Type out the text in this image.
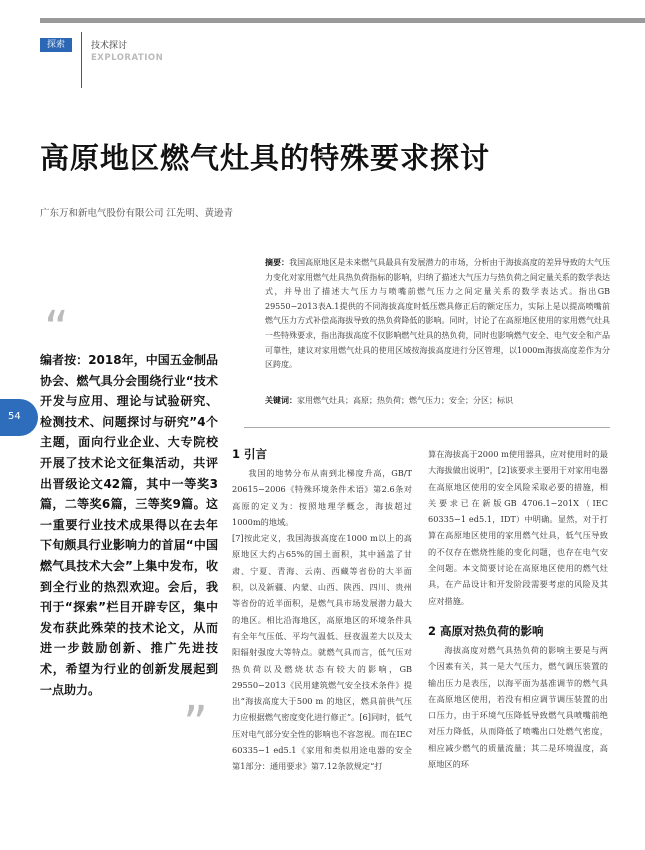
探索	技术探讨
EXPLORATION
高原地区燃气灶具的特殊要求探讨
广东万和新电气股份有限公司 江先明、黄逊青
摘要：我国高原地区是未来燃气具最具有发展潜力的市场，分析由于海拔高度的差异导致的大气压力变化对家用燃气灶具热负荷指标的影响，归纳了描述大气压力与热负荷之间定量关系的数学表达式，并导出了描述大气压力与喷嘴前燃气压力之间定量关系的数学表达式。指出GB 29550−2013表A.1提供的不同海拔高度时低压燃具修正后的额定压力，实际上是以提高喷嘴前燃气压力方式补偿高海拔导致的热负荷降低的影响。同时，讨论了在高原地区使用的家用燃气灶具一些特殊要求，指出海拔高度不仅影响燃气灶具的热负荷，同时也影响燃气安全、电气安全和产品可靠性，建议对家用燃气灶具的使用区域按海拔高度进行分区管理，以1000m海拔高度差作为分区跨度。
关键词：家用燃气灶具；高原；热负荷；燃气压力；安全；分区；标识
“
编者按：2018年，中国五金制品协会、燃气具分会围绕行业“技术开发与应用、理论与试验研究、检测技术、问题探讨与研究”4个主题，面向行业企业、大专院校开展了技术论文征集活动，共评出晋级论文42篇，其中一等奖3篇，二等奖6篇，三等奖9篇。这一重要行业技术成果得以在去年下旬颇具行业影响力的首届“中国燃气具技术大会”上集中发布，收到全行业的热烈欢迎。会后，我刊于“探索”栏目开辟专区，集中发布获此殊荣的技术论文，从而进一步鼓励创新、推广先进技术，希望为行业的创新发展起到一点助力。
”
54
1 引言

我国的地势分布从南到北梯度升高，GB/T 20615−2006《特殊环境条件术语》第2.6条对高原的定义为：按照地理学概念，海拔超过1000m的地域。

[7]按此定义，我国海拔高度在1000 m以上的高原地区大约占65%的国土面积，其中涵盖了甘肃、宁夏、青海、云南、西藏等省份的大半面积，以及新疆、内蒙、山西、陕西、四川、贵州等省份的近半面积，是燃气具市场发展潜力最大的地区。相比沿海地区，高原地区的环境条件具有全年气压低、平均气温低、昼夜温差大以及太阳辐射强度大等特点。就燃气具而言，低气压对热负荷以及燃烧状态有较大的影响，GB 29550−2013《民用建筑燃气安全技术条件》提出“海拔高度大于500 m 的地区，燃具前供气压力应根据燃气密度变化进行修正”。[6]同时，低气压对电气部分安全性的影响也不容忽视。而在IEC 60335−1 ed5.1《家用和类似用途电器的安全 第1部分：通用要求》第7.12条款规定“打

算在海拔高于2000 m使用器具，应对使用时的最大海拔做出说明”，[2]该要求主要用于对家用电器在高原地区使用的安全风险采取必要的措施，相关要求已在新版GB 4706.1−201X（IEC 60335−1 ed5.1，IDT）中明确。显然，对于打算在高原地区使用的家用燃气灶具，低气压导致的不仅存在燃烧性能的变化问题，也存在电气安全问题。本文简要讨论在高原地区使用的燃气灶具，在产品设计和开发阶段需要考虑的风险及其应对措施。

2 高原对热负荷的影响

海拔高度对燃气具热负荷的影响主要是与两个因素有关，其一是大气压力，燃气调压装置的输出压力是表压，以海平面为基准调节的燃气具在高原地区使用，若没有相应调节调压装置的出口压力，由于环境气压降低导致燃气具喷嘴前绝对压力降低，从而降低了喷嘴出口处燃气密度，相应减少燃气的质量流量；其二是环境温度，高原地区的环
